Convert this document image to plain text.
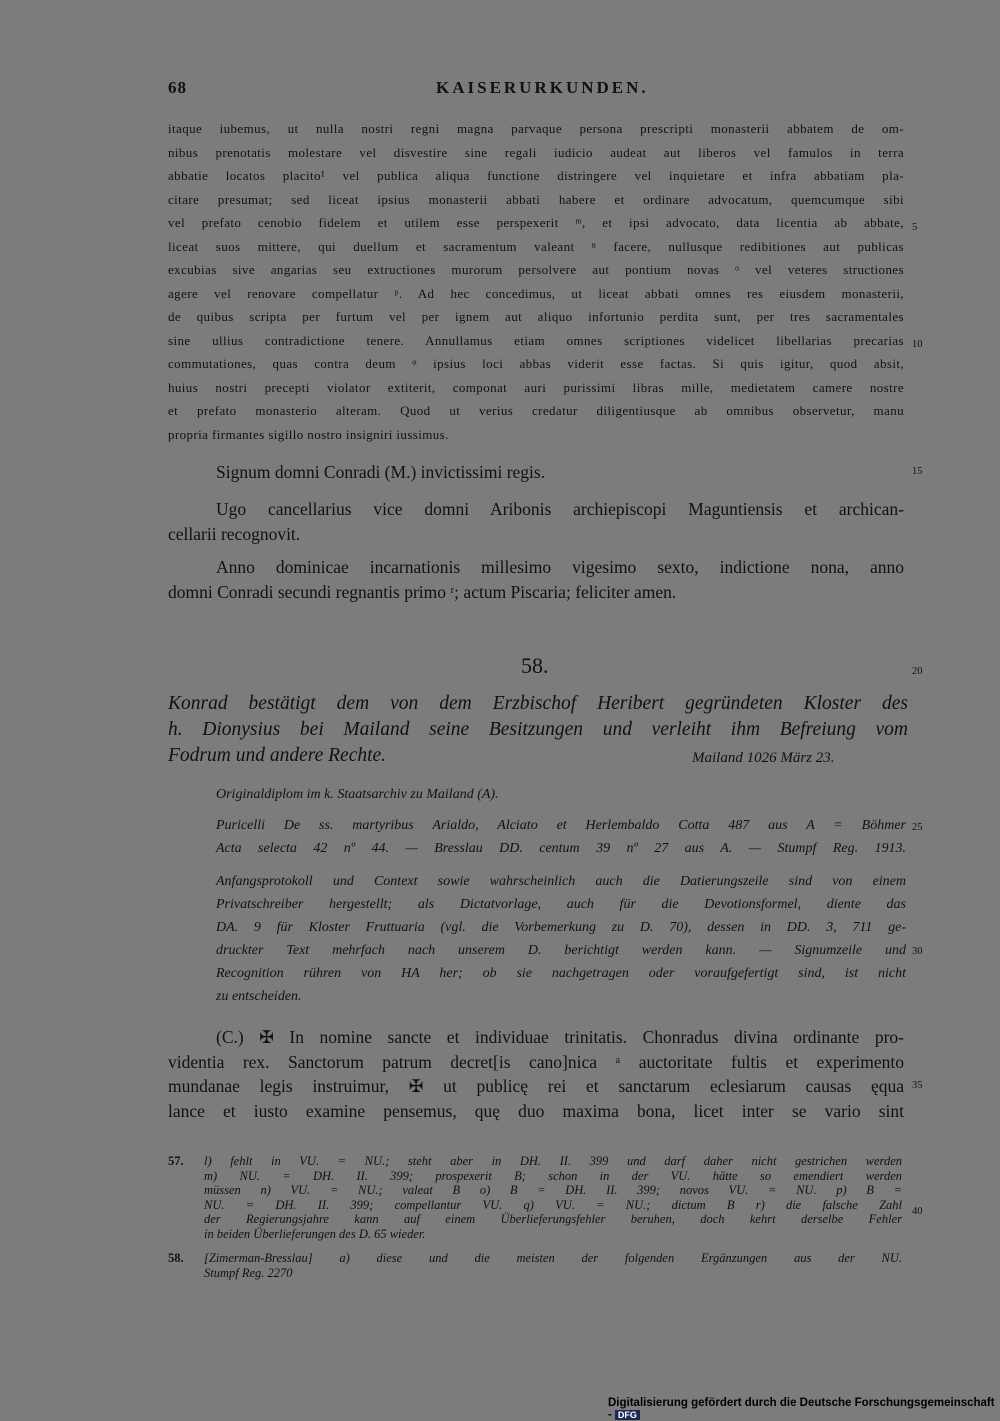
68	KAISERURKUNDEN.
itaque iubemus, ut nulla nostri regni magna parvaque persona prescripti monasterii abbatem de om-
nibus prenotatis molestare vel disvestire sine regali iudicio audeat aut liberos vel famulos in terra
abbatie locatos placito¹ vel publica aliqua functione distringere vel inquietare et infra abbatiam pla-
citare presumat; sed liceat ipsius monasterii abbati habere et ordinare advocatum, quemcumque sibi
vel prefato cenobio fidelem et utilem esse perspexerit ᵐ, et ipsi advocato, data licentia ab abbate,
liceat suos mittere, qui duellum et sacramentum valeant ⁿ facere, nullusque redibitiones aut publicas
excubias sive angarias seu extructiones murorum persolvere aut pontium novas ᵒ vel veteres structiones
agere vel renovare compellatur ᵖ. Ad hec concedimus, ut liceat abbati omnes res eiusdem monasterii,
de quibus scripta per furtum vel per ignem aut aliquo infortunio perdita sunt, per tres sacramentales
sine ullius contradictione tenere. Annullamus etiam omnes scriptiones videlicet libellarias precarias
commutationes, quas contra deum ᵠ ipsius loci abbas viderit esse factas. Si quis igitur, quod absit,
huius nostri precepti violator extiterit, componat auri purissimi libras mille, medietatem camere nostre
et prefato monasterio alteram. Quod ut verius credatur diligentiusque ab omnibus observetur, manu
propria firmantes sigillo nostro insigniri iussimus.
Signum domni Conradi (M.) invictissimi regis.
Ugo cancellarius vice domni Aribonis archiepiscopi Maguntiensis et archican-
cellarii recognovit.
Anno dominicae incarnationis millesimo vigesimo sexto, indictione nona, anno
domni Conradi secundi regnantis primo ʳ; actum Piscaria; feliciter amen.
58.
Konrad bestätigt dem von dem Erzbischof Heribert gegründeten Kloster des
h. Dionysius bei Mailand seine Besitzungen und verleiht ihm Befreiung vom
Fodrum und andere Rechte.	Mailand 1026 März 23.
Originaldiplom im k. Staatsarchiv zu Mailand (A).
Puricelli De ss. martyribus Arialdo, Alciato et Herlembaldo Cotta 487 aus A = Böhmer
Acta selecta 42 nº 44. — Bresslau DD. centum 39 nº 27 aus A. — Stumpf Reg. 1913.
Anfangsprotokoll und Context sowie wahrscheinlich auch die Datierungszeile sind von einem
Privatschreiber hergestellt; als Dictatvorlage, auch für die Devotionsformel, diente das
DA. 9 für Kloster Fruttuaria (vgl. die Vorbemerkung zu D. 70), dessen in DD. 3, 711 ge-
druckter Text mehrfach nach unserem D. berichtigt werden kann. — Signumzeile und
Recognition rühren von HA her; ob sie nachgetragen oder voraufgefertigt sind, ist nicht
zu entscheiden.
(C.) ✠ In nomine sancte et individuae trinitatis. Chonradus divina ordinante pro-
videntia rex. Sanctorum patrum decret[is cano]nica ᵃ auctoritate fultis et experimento
mundanae legis instruimur, ✠ ut publicę rei et sanctarum eclesiarum causas ęqua
lance et iusto examine pensemus, quę duo maxima bona, licet inter se vario sint
57. l) fehlt in VU. = NU.; steht aber in DH. II. 399 und darf daher nicht gestrichen werden
m) NU. = DH. II. 399; prospexerit B; schon in der VU. hätte so emendiert werden
müssen n) VU. = NU.; valeat B o) B = DH. II. 399; novos VU. = NU. p) B =
NU. = DH. II. 399; compellantur VU. q) VU. = NU.; dictum B r) die falsche Zahl
der Regierungsjahre kann auf einem Überlieferungsfehler beruhen, doch kehrt derselbe Fehler
in beiden Überlieferungen des D. 65 wieder.
58. [Zimerman-Bresslau] a) diese und die meisten der folgenden Ergänzungen aus der NU.
Stumpf Reg. 2270
5
10
15
20
25
30
35
40
Digitalisierung gefördert durch die Deutsche Forschungsgemeinschaft - DFG
